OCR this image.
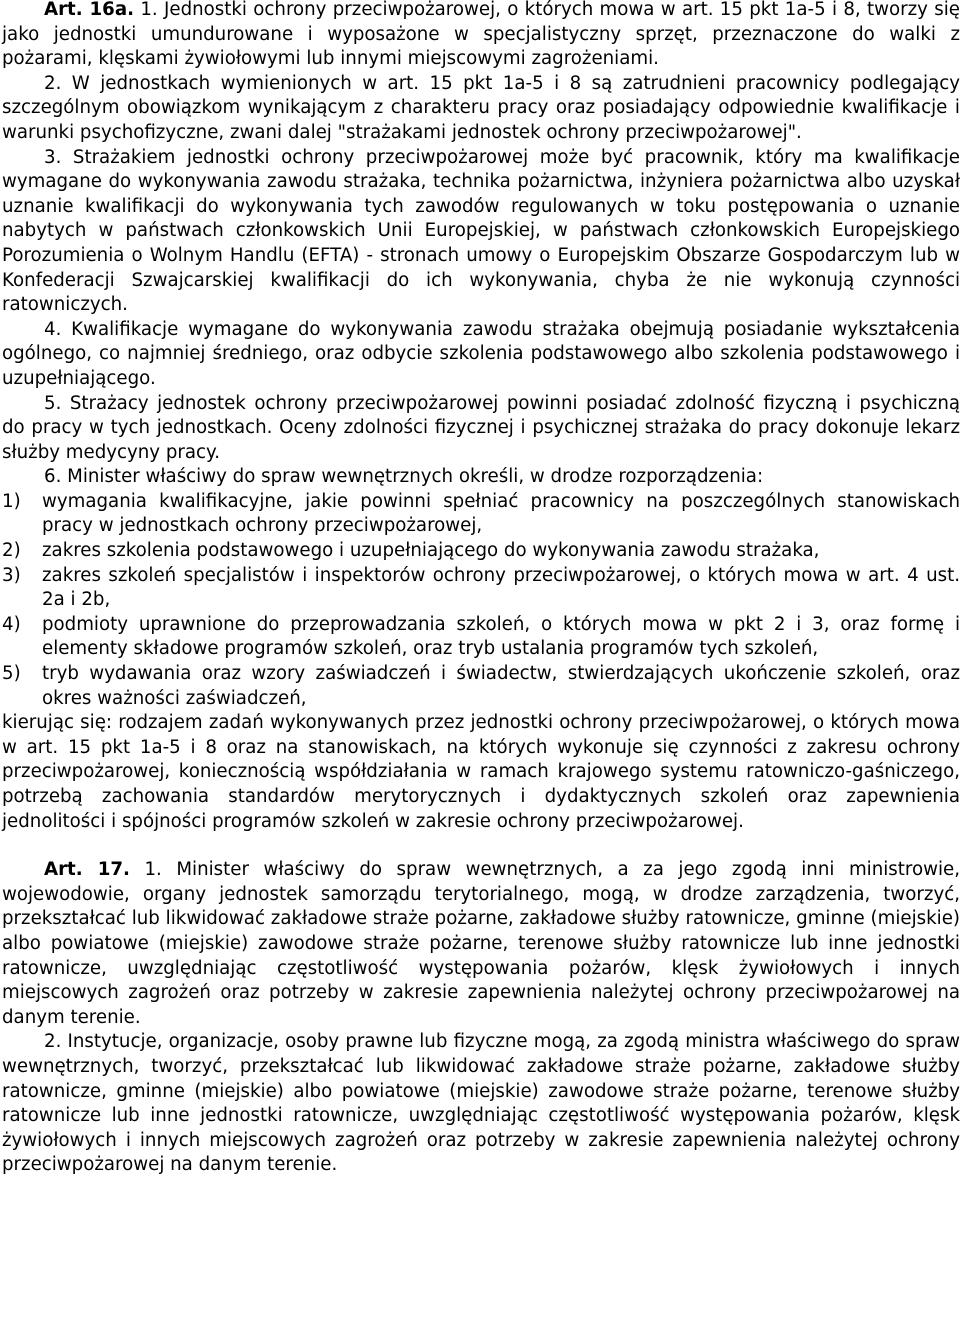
Art. 16a. 1. Jednostki ochrony przeciwpożarowej, o których mowa w art. 15 pkt 1a-5 i 8, tworzy się jako jednostki umundurowane i wyposażone w specjalistyczny sprzęt, przeznaczone do walki z pożarami, klęskami żywiołowymi lub innymi miejscowymi zagrożeniami.

2. W jednostkach wymienionych w art. 15 pkt 1a-5 i 8 są zatrudnieni pracownicy podlegający szczególnym obowiązkom wynikającym z charakteru pracy oraz posiadający odpowiednie kwalifikacje i warunki psychofizyczne, zwani dalej "strażakami jednostek ochrony przeciwpożarowej".

3. Strażakiem jednostki ochrony przeciwpożarowej może być pracownik, który ma kwalifikacje wymagane do wykonywania zawodu strażaka, technika pożarnictwa, inżyniera pożarnictwa albo uzyskał uznanie kwalifikacji do wykonywania tych zawodów regulowanych w toku postępowania o uznanie nabytych w państwach członkowskich Unii Europejskiej, w państwach członkowskich Europejskiego Porozumienia o Wolnym Handlu (EFTA) - stronach umowy o Europejskim Obszarze Gospodarczym lub w Konfederacji Szwajcarskiej kwalifikacji do ich wykonywania, chyba że nie wykonują czynności ratowniczych.

4. Kwalifikacje wymagane do wykonywania zawodu strażaka obejmują posiadanie wykształcenia ogólnego, co najmniej średniego, oraz odbycie szkolenia podstawowego albo szkolenia podstawowego i uzupełniającego.

5. Strażacy jednostek ochrony przeciwpożarowej powinni posiadać zdolność fizyczną i psychiczną do pracy w tych jednostkach. Oceny zdolności fizycznej i psychicznej strażaka do pracy dokonuje lekarz służby medycyny pracy.

6. Minister właściwy do spraw wewnętrznych określi, w drodze rozporządzenia:

1)	wymagania kwalifikacyjne, jakie powinni spełniać pracownicy na poszczególnych stanowiskach pracy w jednostkach ochrony przeciwpożarowej,
2)	zakres szkolenia podstawowego i uzupełniającego do wykonywania zawodu strażaka,
3)	zakres szkoleń specjalistów i inspektorów ochrony przeciwpożarowej, o których mowa w art. 4 ust. 2a i 2b,
4)	podmioty uprawnione do przeprowadzania szkoleń, o których mowa w pkt 2 i 3, oraz formę i elementy składowe programów szkoleń, oraz tryb ustalania programów tych szkoleń,
5)	tryb wydawania oraz wzory zaświadczeń i świadectw, stwierdzających ukończenie szkoleń, oraz okres ważności zaświadczeń,

kierując się: rodzajem zadań wykonywanych przez jednostki ochrony przeciwpożarowej, o których mowa w art. 15 pkt 1a-5 i 8 oraz na stanowiskach, na których wykonuje się czynności z zakresu ochrony przeciwpożarowej, koniecznością współdziałania w ramach krajowego systemu ratowniczo-gaśniczego, potrzebą zachowania standardów merytorycznych i dydaktycznych szkoleń oraz zapewnienia jednolitości i spójności programów szkoleń w zakresie ochrony przeciwpożarowej.

Art. 17. 1. Minister właściwy do spraw wewnętrznych, a za jego zgodą inni ministrowie, wojewodowie, organy jednostek samorządu terytorialnego, mogą, w drodze zarządzenia, tworzyć, przekształcać lub likwidować zakładowe straże pożarne, zakładowe służby ratownicze, gminne (miejskie) albo powiatowe (miejskie) zawodowe straże pożarne, terenowe służby ratownicze lub inne jednostki ratownicze, uwzględniając częstotliwość występowania pożarów, klęsk żywiołowych i innych miejscowych zagrożeń oraz potrzeby w zakresie zapewnienia należytej ochrony przeciwpożarowej na danym terenie.

2. Instytucje, organizacje, osoby prawne lub fizyczne mogą, za zgodą ministra właściwego do spraw wewnętrznych, tworzyć, przekształcać lub likwidować zakładowe straże pożarne, zakładowe służby ratownicze, gminne (miejskie) albo powiatowe (miejskie) zawodowe straże pożarne, terenowe służby ratownicze lub inne jednostki ratownicze, uwzględniając częstotliwość występowania pożarów, klęsk żywiołowych i innych miejscowych zagrożeń oraz potrzeby w zakresie zapewnienia należytej ochrony przeciwpożarowej na danym terenie.
